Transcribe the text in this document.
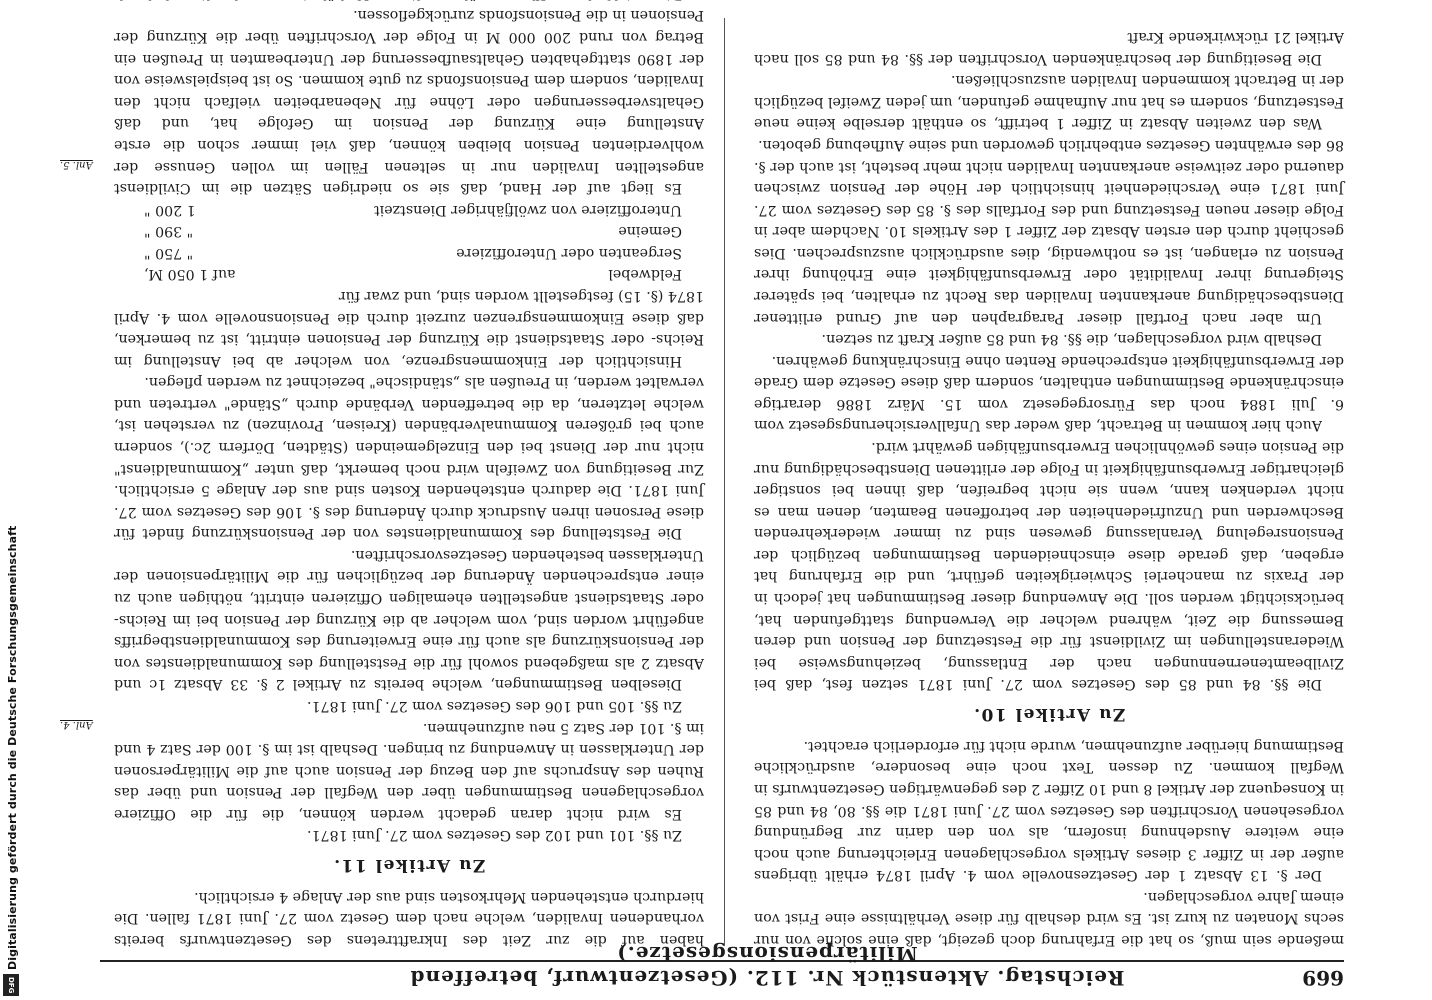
Digitalisierung gefördert durch die Deutsche Forschungsgemeinschaft
DFG	669
Reichstag. Aktenstück Nr. 112. (Gesetzentwurf, betreffend Militärpensionsgesetze.)

meßende sein muß, so hat die Erfahrung doch gezeigt, daß eine solche von nur sechs Monaten zu kurz ist. Es wird deshalb für diese Verhältnisse eine Frist von einem Jahre vorgeschlagen.

Der §. 13 Absatz 1 der Gesetzesnovelle vom 4. April 1874 erhält übrigens außer der in Ziffer 3 dieses Artikels vorgeschlagenen Erleichterung auch noch eine weitere Ausdehnung insofern, als von den darin zur Begründung vorgesehenen Vorschriften des Gesetzes vom 27. Juni 1871 die §§. 80, 84 und 85 in Konsequenz der Artikel 8 und 10 Ziffer 2 des gegenwärtigen Gesetzentwurfs in Wegfall kommen. Zu dessen Text noch eine besondere, ausdrückliche Bestimmung hierüber aufzunehmen, wurde nicht für erforderlich erachtet.

Zu Artikel 10.

Die §§. 84 und 85 des Gesetzes vom 27. Juni 1871 setzen fest, daß bei Zivilbeamtenernennungen nach der Entlassung, beziehungsweise bei Wiederanstellungen im Zivildienst für die Festsetzung der Pension und deren Bemessung die Zeit, während welcher die Verwendung stattgefunden hat, berücksichtigt werden soll. Die Anwendung dieser Bestimmungen hat jedoch in der Praxis zu mancherlei Schwierigkeiten geführt, und die Erfahrung hat ergeben, daß gerade diese einschneidenden Bestimmungen bezüglich der Pensionsregelung Veranlassung gewesen sind zu immer wiederkehrenden Beschwerden und Unzufriedenheiten der betroffenen Beamten, denen man es nicht verdenken kann, wenn sie nicht begreifen, daß ihnen bei sonstiger gleichartiger Erwerbsunfähigkeit in Folge der erlittenen Dienstbeschädigung nur die Pension eines gewöhnlichen Erwerbsunfähigen gewährt wird.

Auch hier kommen in Betracht, daß weder das Unfallversicherungsgesetz vom 6. Juli 1884 noch das Fürsorgegesetz vom 15. März 1886 derartige einschränkende Bestimmungen enthalten, sondern daß diese Gesetze dem Grade der Erwerbsunfähigkeit entsprechende Renten ohne Einschränkung gewähren.

Deshalb wird vorgeschlagen, die §§. 84 und 85 außer Kraft zu setzen.

Um aber nach Fortfall dieser Paragraphen den auf Grund erlittener Dienstbeschädigung anerkannten Invaliden das Recht zu erhalten, bei späterer Steigerung ihrer Invalidität oder Erwerbsunfähigkeit eine Erhöhung ihrer Pension zu erlangen, ist es nothwendig, dies ausdrücklich auszusprechen. Dies geschieht durch den ersten Absatz der Ziffer 1 des Artikels 10. Nachdem aber in Folge dieser neuen Festsetzung und des Fortfalls des §. 85 des Gesetzes vom 27. Juni 1871 eine Verschiedenheit hinsichtlich der Höhe der Pension zwischen dauernd oder zeitweise anerkannten Invaliden nicht mehr besteht, ist auch der §. 86 des erwähnten Gesetzes entbehrlich geworden und seine Aufhebung geboten.

Was den zweiten Absatz in Ziffer 1 betrifft, so enthält derselbe keine neue Festsetzung, sondern es hat nur Aufnahme gefunden, um jeden Zweifel bezüglich der in Betracht kommenden Invaliden auszuschließen.

Die Beseitigung der beschränkenden Vorschriften der §§. 84 und 85 soll nach Artikel 21 rückwirkende Kraft

haben auf die zur Zeit des Inkrafttretens des Gesetzentwurfs bereits vorhandenen Invaliden, welche nach dem Gesetz vom 27. Juni 1871 fallen. Die hierdurch entstehenden Mehrkosten sind aus der Anlage 4 ersichtlich.

Zu Artikel 11.

Zu §§. 101 und 102 des Gesetzes vom 27. Juni 1871.

Es wird nicht daran gedacht werden können, die für die Offiziere vorgeschlagenen Bestimmungen über den Wegfall der Pension und über das Ruhen des Anspruchs auf den Bezug der Pension auch auf die Militärpersonen der Unterklassen in Anwendung zu bringen. Deshalb ist im §. 100 der Satz 4 und im §. 101 der Satz 5 neu aufzunehmen.

Zu §§. 105 und 106 des Gesetzes vom 27. Juni 1871.

Dieselben Bestimmungen, welche bereits zu Artikel 2 §. 33 Absatz 1c und Absatz 2 als maßgebend sowohl für die Feststellung des Kommunaldienstes von der Pensionskürzung als auch für eine Erweiterung des Kommunaldienstbegriffs angeführt worden sind, vom welcher ab die Kürzung der Pension bei im Reichs- oder Staatsdienst angestellten ehemaligen Offizieren eintritt, nöthigen auch zu einer entsprechenden Änderung der bezüglichen für die Militärpensionen der Unterklassen bestehenden Gesetzesvorschriften.

Die Feststellung des Kommunaldienstes von der Pensionskürzung findet für diese Personen ihren Ausdruck durch Änderung des §. 106 des Gesetzes vom 27. Juni 1871. Die dadurch entstehenden Kosten sind aus der Anlage 5 ersichtlich. Zur Beseitigung von Zweifeln wird noch bemerkt, daß unter „Kommunaldienst" nicht nur der Dienst bei den Einzelgemeinden (Städten, Dörfern 2c.), sondern auch bei größeren Kommunalverbänden (Kreisen, Provinzen) zu verstehen ist, welche letzteren, da die betreffenden Verbände durch „Stände" vertreten und verwaltet werden, in Preußen als „ständische" bezeichnet zu werden pflegen.

Hinsichtlich der Einkommensgrenze, von welcher ab bei Anstellung im Reichs- oder Staatsdienst die Kürzung der Pensionen eintritt, ist zu bemerken, daß diese Einkommensgrenzen zurzeit durch die Pensionsnovelle vom 4. April 1874 (§. 15) festgestellt worden sind, und zwar für

Feldwebel
auf 1 050 M,
Sergeanten oder Unteroffiziere
" 750 "
Gemeine
" 390 "
Unteroffiziere von zwölfjähriger Dienstzeit
1 200 "

Es liegt auf der Hand, daß sie so niedrigen Sätzen die im Civildienst angestellten Invaliden nur in seltenen Fällen im vollen Genusse der wohlverdienten Pension bleiben können, daß viel immer schon die erste Anstellung eine Kürzung der Pension im Gefolge hat, und daß Gehaltsverbesserungen oder Löhne für Nebenarbeiten vielfach nicht den Invaliden, sondern dem Pensionsfonds zu gute kommen. So ist beispielsweise von der 1890 stattgehabten Gehaltsaufbesserung der Unterbeamten in Preußen ein Betrag von rund 200 000 M in Folge der Vorschriften über die Kürzung der Pensionen in die Pensionsfonds zurückgeflossen.

Anl. 4.
Anl. 5.
